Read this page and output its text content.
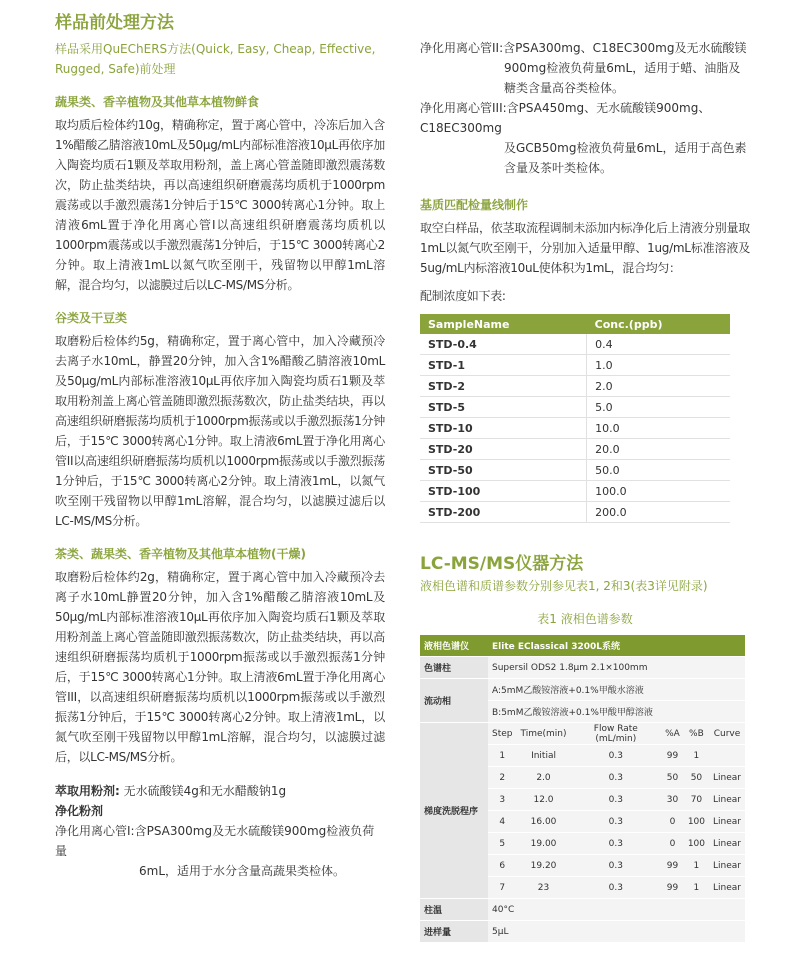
样品前处理方法
样品采用QuEChERS方法(Quick, Easy, Cheap, Effective, Rugged, Safe)前处理
蔬果类、香辛植物及其他草本植物鲜食
取均质后检体约10g，精确称定，置于离心管中，冷冻后加入含1%醋酸乙腈溶液10mL及50μg/mL内部标准溶液10μL再依序加入陶瓷均质石1颗及萃取用粉剂，盖上离心管盖随即激烈震荡数次，防止盐类结块，再以高速组织研磨震荡均质机于1000rpm震荡或以手激烈震荡1分钟后于15℃ 3000转离心1分钟。取上清液6mL置于净化用离心管I以高速组织研磨震荡均质机以1000rpm震荡或以手激烈震荡1分钟后，于15℃ 3000转离心2分钟。取上清液1mL以氮气吹至刚干，残留物以甲醇1mL溶解，混合均匀，以滤膜过后以LC-MS/MS分析。
谷类及干豆类
取磨粉后检体约5g，精确称定，置于离心管中，加入冷藏预冷去离子水10mL，静置20分钟，加入含1%醋酸乙腈溶液10mL及50μg/mL内部标准溶液10μL再依序加入陶瓷均质石1颗及萃取用粉剂盖上离心管盖随即激烈振荡数次，防止盐类结块，再以高速组织研磨振荡均质机于1000rpm振荡或以手激烈振荡1分钟后，于15℃ 3000转离心1分钟。取上清液6mL置于净化用离心管II以高速组织研磨振荡均质机以1000rpm振荡或以手激烈振荡1分钟后，于15℃ 3000转离心2分钟。取上清液1mL，以氮气吹至刚干残留物以甲醇1mL溶解，混合均匀，以滤膜过滤后以LC-MS/MS分析。
茶类、蔬果类、香辛植物及其他草本植物(干燥)
取磨粉后检体约2g，精确称定，置于离心管中加入冷藏预冷去离子水10mL静置20分钟，加入含1%醋酸乙腈溶液10mL及50μg/mL内部标准溶液10μL再依序加入陶瓷均质石1颗及萃取用粉剂盖上离心管盖随即激烈振荡数次，防止盐类结块，再以高速组织研磨振荡均质机于1000rpm振荡或以手激烈振荡1分钟后，于15℃ 3000转离心1分钟。取上清液6mL置于净化用离心管III，以高速组织研磨振荡均质机以1000rpm振荡或以手激烈振荡1分钟后，于15℃ 3000转离心2分钟。取上清液1mL，以氮气吹至刚干残留物以甲醇1mL溶解，混合均匀，以滤膜过滤后，以LC-MS/MS分析。
萃取用粉剂: 无水硫酸镁4g和无水醋酸钠1g
净化粉剂
净化用离心管I:含PSA300mg及无水硫酸镁900mg检液负荷量
6mL，适用于水分含量高蔬果类检体。
净化用离心管II:含PSA300mg、C18EC300mg及无水硫酸镁
900mg检液负荷量6mL，适用于蜡、油脂及糖类含量高谷类检体。
净化用离心管III:含PSA450mg、无水硫酸镁900mg、C18EC300mg
及GCB50mg检液负荷量6mL，适用于高色素含量及茶叶类检体。
基质匹配检量线制作
取空白样品，依茎取流程调制未添加内标净化后上清液分别量取1mL以氮气吹至刚干，分别加入适量甲醇、1ug/mL标准溶液及5ug/mL内标溶液10uL使体积为1mL，混合均匀：
配制浓度如下表:
SampleName	Conc.(ppb)
STD-0.4	0.4
STD-1	1.0
STD-2	2.0
STD-5	5.0
STD-10	10.0
STD-20	20.0
STD-50	50.0
STD-100	100.0
STD-200	200.0
LC-MS/MS仪器方法
液相色谱和质谱参数分别参见表1, 2和3(表3详见附录)
表1 液相色谱参数
液相色谱仪	Elite EClassical 3200L系统					
色谱柱	Supersil ODS2 1.8μm 2.1×100mm					
流动相	A:5mM乙酸铵溶液+0.1%甲酸水溶液					
	B:5mM乙酸铵溶液+0.1%甲酸甲醇溶液					
梯度洗脱程序	Step	Time(min)	Flow Rate (mL/min)	%A	%B	Curve
	1	Initial	0.3	99	1	
	2	2.0	0.3	50	50	Linear
	3	12.0	0.3	30	70	Linear
	4	16.00	0.3	0	100	Linear
	5	19.00	0.3	0	100	Linear
	6	19.20	0.3	99	1	Linear
	7	23	0.3	99	1	Linear
柱温	40°C					
进样量	5μL					
